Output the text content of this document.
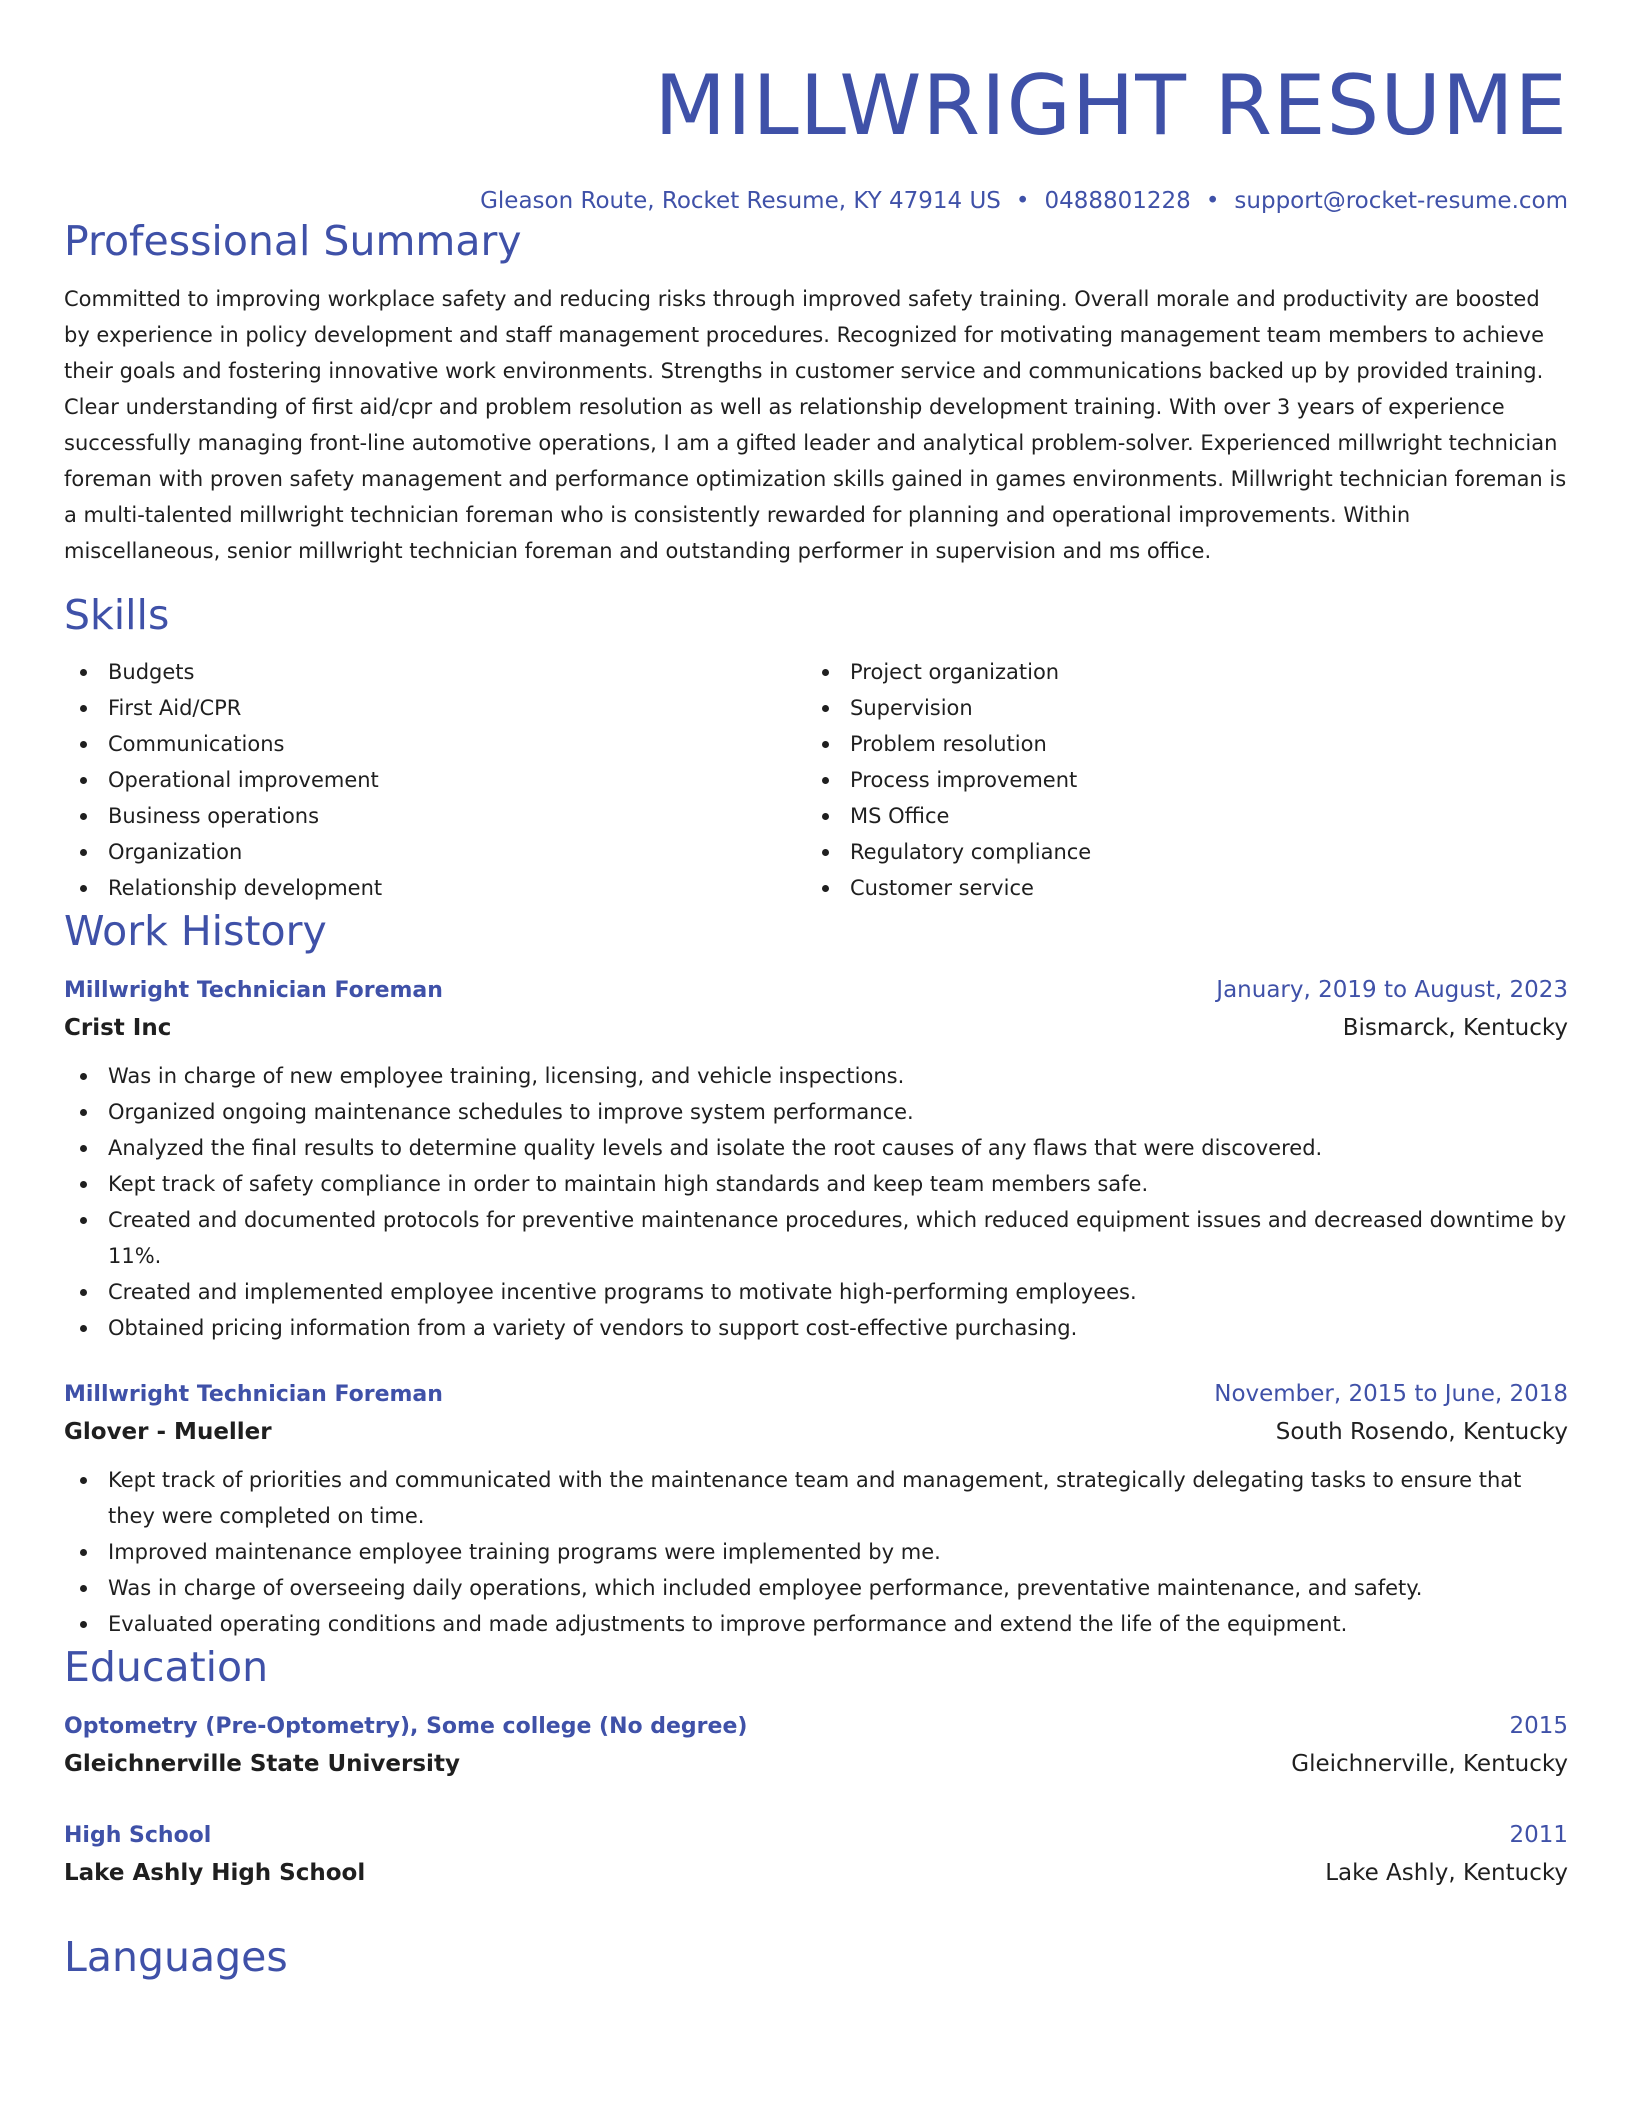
MILLWRIGHT RESUME
Gleason Route, Rocket Resume, KY 47914 US • 0488801228 • support@rocket-resume.com
Professional Summary

Committed to improving workplace safety and reducing risks through improved safety training. Overall morale and productivity are boosted by experience in policy development and staff management procedures. Recognized for motivating management team members to achieve their goals and fostering innovative work environments. Strengths in customer service and communications backed up by provided training. Clear understanding of first aid/cpr and problem resolution as well as relationship development training. With over 3 years of experience successfully managing front-line automotive operations, I am a gifted leader and analytical problem-solver. Experienced millwright technician foreman with proven safety management and performance optimization skills gained in games environments. Millwright technician foreman is a multi-talented millwright technician foreman who is consistently rewarded for planning and operational improvements. Within miscellaneous, senior millwright technician foreman and outstanding performer in supervision and ms office.

Skills
Budgets
First Aid/CPR
Communications
Operational improvement
Business operations
Organization
Relationship development
Project organization
Supervision
Problem resolution
Process improvement
MS Office
Regulatory compliance
Customer service
Work History
Millwright Technician Foreman	January, 2019 to August, 2023
Crist Inc	Bismarck, Kentucky
Was in charge of new employee training, licensing, and vehicle inspections.
Organized ongoing maintenance schedules to improve system performance.
Analyzed the final results to determine quality levels and isolate the root causes of any flaws that were discovered.
Kept track of safety compliance in order to maintain high standards and keep team members safe.
Created and documented protocols for preventive maintenance procedures, which reduced equipment issues and decreased downtime by 11%.
Created and implemented employee incentive programs to motivate high-performing employees.
Obtained pricing information from a variety of vendors to support cost-effective purchasing.
Millwright Technician Foreman	November, 2015 to June, 2018
Glover - Mueller	South Rosendo, Kentucky
Kept track of priorities and communicated with the maintenance team and management, strategically delegating tasks to ensure that they were completed on time.
Improved maintenance employee training programs were implemented by me.
Was in charge of overseeing daily operations, which included employee performance, preventative maintenance, and safety.
Evaluated operating conditions and made adjustments to improve performance and extend the life of the equipment.
Education
Optometry (Pre-Optometry), Some college (No degree)	2015
Gleichnerville State University	Gleichnerville, Kentucky
High School	2011
Lake Ashly High School	Lake Ashly, Kentucky
Languages
